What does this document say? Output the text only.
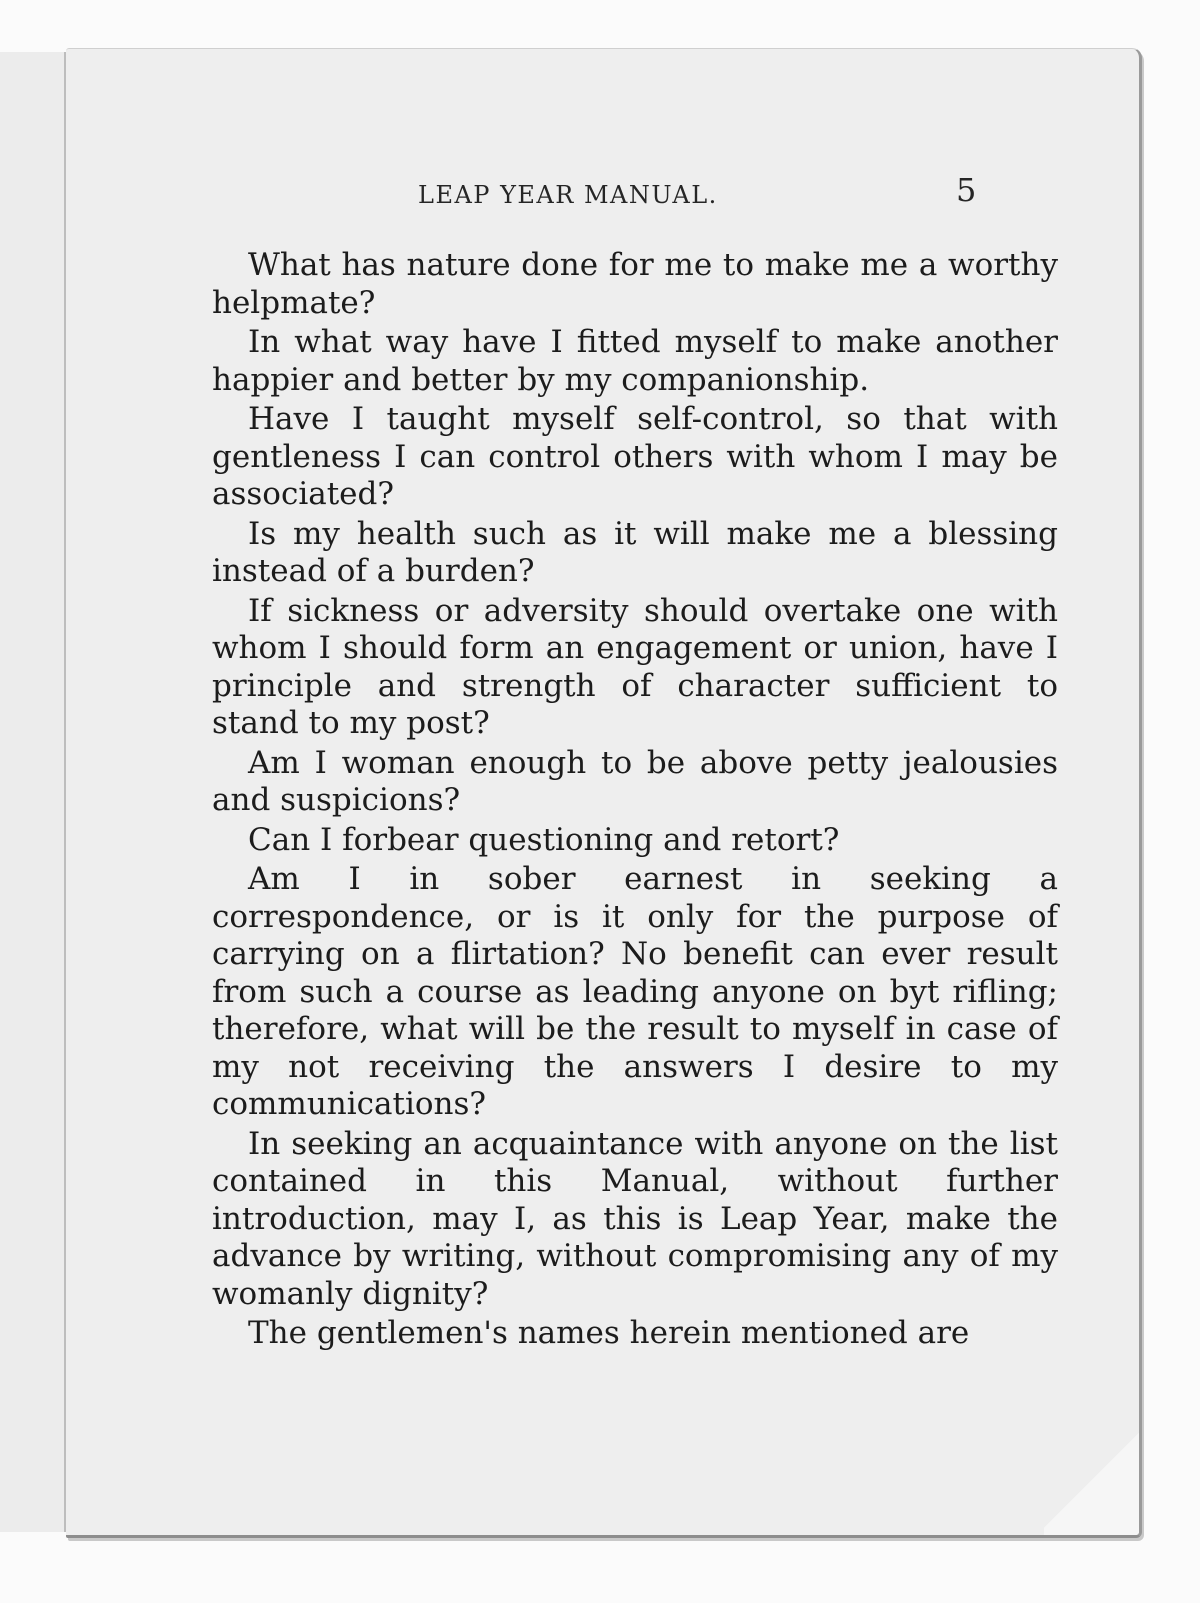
LEAP YEAR MANUAL.	5

What has nature done for me to make me a worthy helpmate?

In what way have I fitted myself to make another happier and better by my companionship.

Have I taught myself self-control, so that with gentleness I can control others with whom I may be associated?

Is my health such as it will make me a blessing instead of a burden?

If sickness or adversity should overtake one with whom I should form an engagement or union, have I principle and strength of character sufficient to stand to my post?

Am I woman enough to be above petty jealousies and suspicions?

Can I forbear questioning and retort?

Am I in sober earnest in seeking a correspondence, or is it only for the purpose of carrying on a flirtation? No benefit can ever result from such a course as leading anyone on byt rifling; therefore, what will be the result to myself in case of my not receiving the answers I desire to my communications?

In seeking an acquaintance with anyone on the list contained in this Manual, without further introduction, may I, as this is Leap Year, make the advance by writing, without compromising any of my womanly dignity?

The gentlemen's names herein mentioned are
